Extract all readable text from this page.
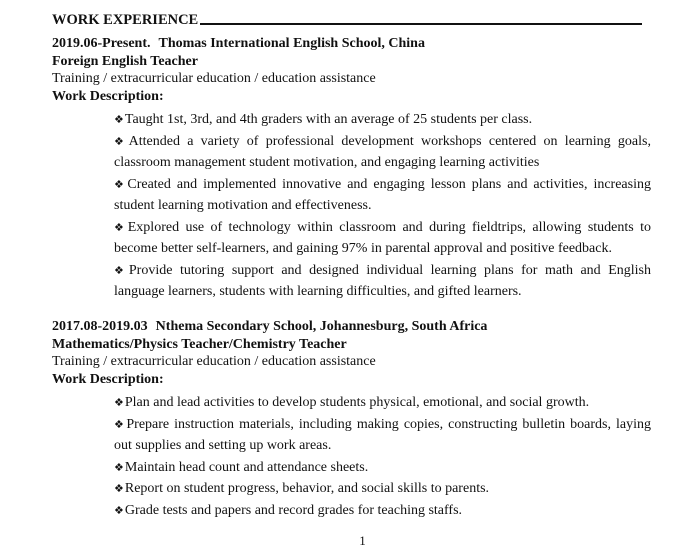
WORK EXPERIENCE
2019.06-Present. Thomas International English School, China
Foreign English Teacher
Training / extracurricular education / education assistance
Work Description:
❖Taught 1st, 3rd, and 4th graders with an average of 25 students per class.
❖Attended a variety of professional development workshops centered on learning goals, classroom management student motivation, and engaging learning activities
❖Created and implemented innovative and engaging lesson plans and activities, increasing student learning motivation and effectiveness.
❖Explored use of technology within classroom and during fieldtrips, allowing students to become better self-learners, and gaining 97% in parental approval and positive feedback.
❖Provide tutoring support and designed individual learning plans for math and English language learners, students with learning difficulties, and gifted learners.
2017.08-2019.03 Nthema Secondary School, Johannesburg, South Africa
Mathematics/Physics Teacher/Chemistry Teacher
Training / extracurricular education / education assistance
Work Description:
❖Plan and lead activities to develop students physical, emotional, and social growth.
❖Prepare instruction materials, including making copies, constructing bulletin boards, laying out supplies and setting up work areas.
❖Maintain head count and attendance sheets.
❖Report on student progress, behavior, and social skills to parents.
❖Grade tests and papers and record grades for teaching staffs.
1
